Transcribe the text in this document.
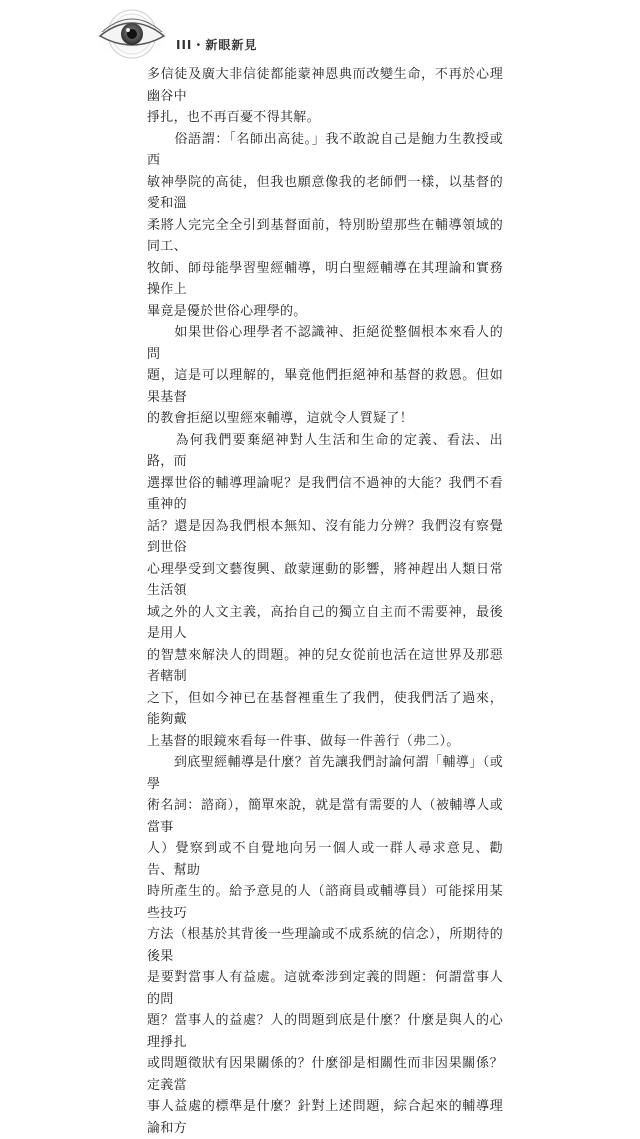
III・新眼新見

多信徒及廣大非信徒都能蒙神恩典而改變生命，不再於心理幽谷中
掙扎，也不再百憂不得其解。

　　俗語謂：「名師出高徒。」我不敢說自己是鮑力生教授或西
敏神學院的高徒，但我也願意像我的老師們一樣，以基督的愛和溫
柔將人完完全全引到基督面前，特別盼望那些在輔導領域的同工、
牧師、師母能學習聖經輔導，明白聖經輔導在其理論和實務操作上
畢竟是優於世俗心理學的。

　　如果世俗心理學者不認識神、拒絕從整個根本來看人的問
題，這是可以理解的，畢竟他們拒絕神和基督的救恩。但如果基督
的教會拒絕以聖經來輔導，這就令人質疑了！

　　為何我們要棄絕神對人生活和生命的定義、看法、出路，而
選擇世俗的輔導理論呢？是我們信不過神的大能？我們不看重神的
話？還是因為我們根本無知、沒有能力分辨？我們沒有察覺到世俗
心理學受到文藝復興、啟蒙運動的影響，將神趕出人類日常生活領
域之外的人文主義，高抬自己的獨立自主而不需要神，最後是用人
的智慧來解決人的問題。神的兒女從前也活在這世界及那惡者轄制
之下，但如今神已在基督裡重生了我們，使我們活了過來，能夠戴
上基督的眼鏡來看每一件事、做每一件善行（弗二）。

　　到底聖經輔導是什麼？首先讓我們討論何謂「輔導」（或學
術名詞：諮商），簡單來說，就是當有需要的人（被輔導人或當事
人）覺察到或不自覺地向另一個人或一群人尋求意見、勸告、幫助
時所產生的。給予意見的人（諮商員或輔導員）可能採用某些技巧
方法（根基於其背後一些理論或不成系統的信念），所期待的後果
是要對當事人有益處。這就牽涉到定義的問題：何謂當事人的問
題？當事人的益處？人的問題到底是什麼？什麼是與人的心理掙扎
或問題徵狀有因果關係的？什麼卻是相關性而非因果關係？定義當
事人益處的標準是什麼？針對上述問題，綜合起來的輔導理論和方
